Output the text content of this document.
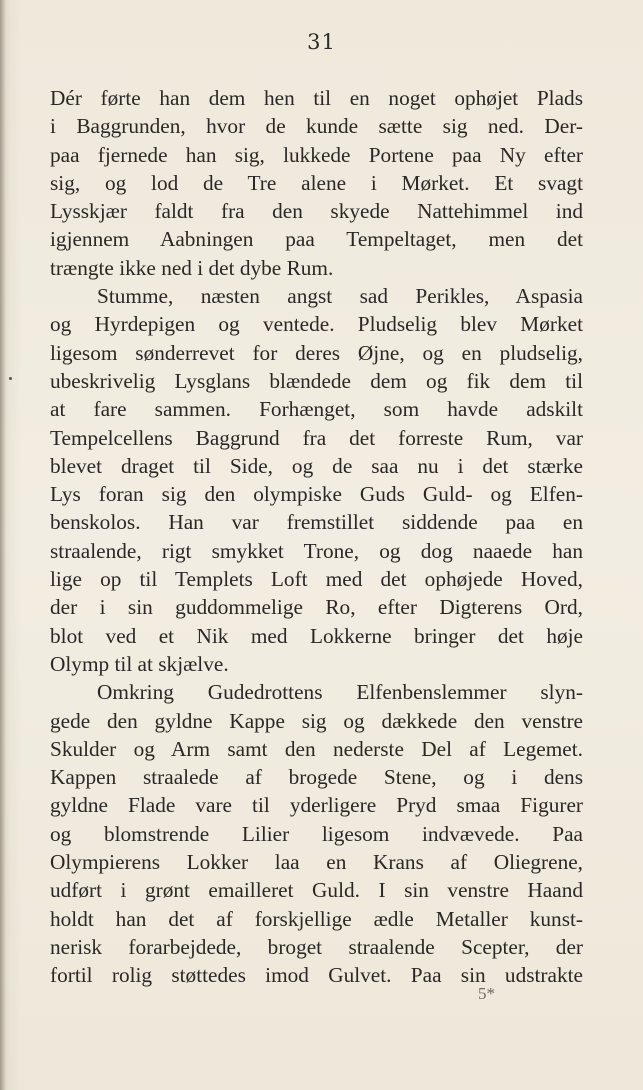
31
Dér førte han dem hen til en noget ophøjet Plads
i Baggrunden, hvor de kunde sætte sig ned. Der-
paa fjernede han sig, lukkede Portene paa Ny efter
sig, og lod de Tre alene i Mørket. Et svagt
Lysskjær faldt fra den skyede Nattehimmel ind
igjennem Aabningen paa Tempeltaget, men det
trængte ikke ned i det dybe Rum.
Stumme, næsten angst sad Perikles, Aspasia
og Hyrdepigen og ventede. Pludselig blev Mørket
ligesom sønderrevet for deres Øjne, og en pludselig,
ubeskrivelig Lysglans blændede dem og fik dem til
at fare sammen. Forhænget, som havde adskilt
Tempelcellens Baggrund fra det forreste Rum, var
blevet draget til Side, og de saa nu i det stærke
Lys foran sig den olympiske Guds Guld- og Elfen-
benskolos. Han var fremstillet siddende paa en
straalende, rigt smykket Trone, og dog naaede han
lige op til Templets Loft med det ophøjede Hoved,
der i sin guddommelige Ro, efter Digterens Ord,
blot ved et Nik med Lokkerne bringer det høje
Olymp til at skjælve.
Omkring Gudedrottens Elfenbenslemmer slyn-
gede den gyldne Kappe sig og dækkede den venstre
Skulder og Arm samt den nederste Del af Legemet.
Kappen straalede af brogede Stene, og i dens
gyldne Flade vare til yderligere Pryd smaa Figurer
og blomstrende Lilier ligesom indvævede. Paa
Olympierens Lokker laa en Krans af Oliegrene,
udført i grønt emailleret Guld. I sin venstre Haand
holdt han det af forskjellige ædle Metaller kunst-
nerisk forarbejdede, broget straalende Scepter, der
fortil rolig støttedes imod Gulvet. Paa sin udstrakte
5*
